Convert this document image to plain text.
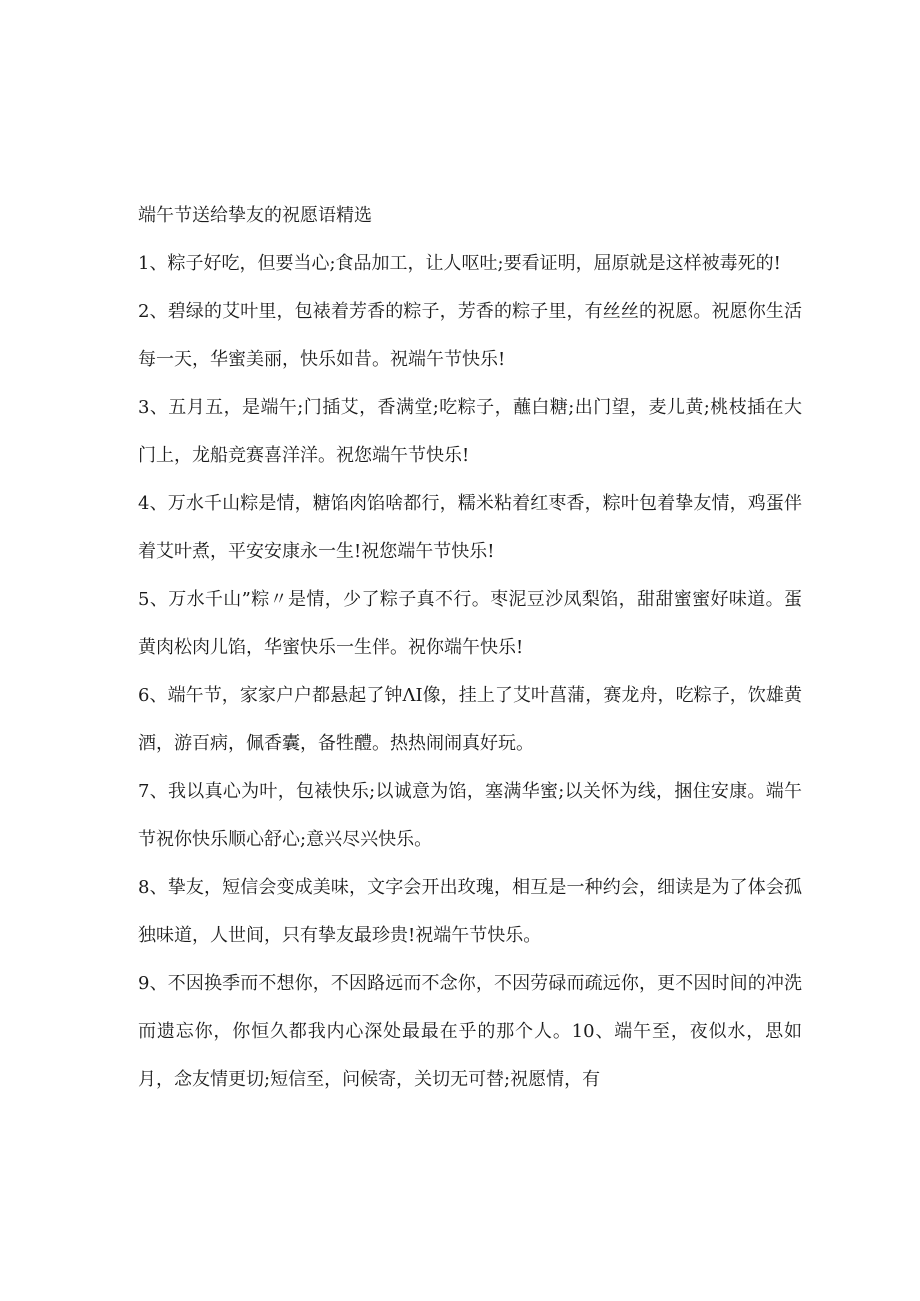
端午节送给挚友的祝愿语精选

1、粽子好吃，但要当心;食品加工，让人呕吐;要看证明，屈原就是这样被毒死的!

2、碧绿的艾叶里，包裱着芳香的粽子，芳香的粽子里，有丝丝的祝愿。祝愿你生活每一天，华蜜美丽，快乐如昔。祝端午节快乐!

3、五月五，是端午;门插艾，香满堂;吃粽子，蘸白糖;出门望，麦儿黄;桃枝插在大门上，龙船竞赛喜洋洋。祝您端午节快乐!

4、万水千山粽是情，糖馅肉馅啥都行，糯米粘着红枣香，粽叶包着挚友情，鸡蛋伴着艾叶煮，平安安康永一生!祝您端午节快乐!

5、万水千山”粽〃是情，少了粽子真不行。枣泥豆沙凤梨馅，甜甜蜜蜜好味道。蛋黄肉松肉儿馅，华蜜快乐一生伴。祝你端午快乐!

6、端午节，家家户户都悬起了钟ΛI像，挂上了艾叶菖蒲，赛龙舟，吃粽子，饮雄黄酒，游百病，佩香囊，备牲醴。热热闹闹真好玩。

7、我以真心为叶，包裱快乐;以诚意为馅，塞满华蜜;以关怀为线，捆住安康。端午节祝你快乐顺心舒心;意兴尽兴快乐。

8、挚友，短信会变成美味，文字会开出玫瑰，相互是一种约会，细读是为了体会孤独味道，人世间，只有挚友最珍贵!祝端午节快乐。

9、不因换季而不想你，不因路远而不念你，不因劳碌而疏远你，更不因时间的冲洗而遗忘你，你恒久都我内心深处最最在乎的那个人。10、端午至，夜似水，思如月，念友情更切;短信至，问候寄，关切无可替;祝愿情，有
